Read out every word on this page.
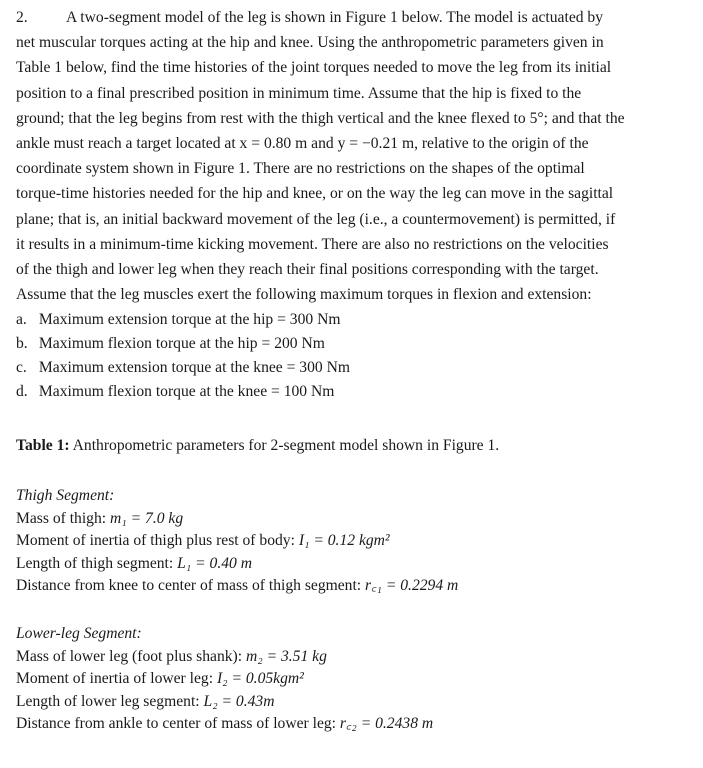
2. A two-segment model of the leg is shown in Figure 1 below. The model is actuated by
net muscular torques acting at the hip and knee. Using the anthropometric parameters given in
Table 1 below, find the time histories of the joint torques needed to move the leg from its initial
position to a final prescribed position in minimum time. Assume that the hip is fixed to the
ground; that the leg begins from rest with the thigh vertical and the knee flexed to 5°; and that the
ankle must reach a target located at x = 0.80 m and y = −0.21 m, relative to the origin of the
coordinate system shown in Figure 1. There are no restrictions on the shapes of the optimal
torque-time histories needed for the hip and knee, or on the way the leg can move in the sagittal
plane; that is, an initial backward movement of the leg (i.e., a countermovement) is permitted, if
it results in a minimum-time kicking movement. There are also no restrictions on the velocities
of the thigh and lower leg when they reach their final positions corresponding with the target.
Assume that the leg muscles exert the following maximum torques in flexion and extension:
a. Maximum extension torque at the hip = 300 Nm
b. Maximum flexion torque at the hip = 200 Nm
c. Maximum extension torque at the knee = 300 Nm
d. Maximum flexion torque at the knee = 100 Nm
Table 1: Anthropometric parameters for 2-segment model shown in Figure 1.
Thigh Segment:
Mass of thigh: m₁ = 7.0 kg
Moment of inertia of thigh plus rest of body: I₁ = 0.12 kgm²
Length of thigh segment: L₁ = 0.40 m
Distance from knee to center of mass of thigh segment: r꜀₁ = 0.2294 m
Lower-leg Segment:
Mass of lower leg (foot plus shank): m₂ = 3.51 kg
Moment of inertia of lower leg: I₂ = 0.05kgm²
Length of lower leg segment: L₂ = 0.43m
Distance from ankle to center of mass of lower leg: r꜀₂ = 0.2438 m
